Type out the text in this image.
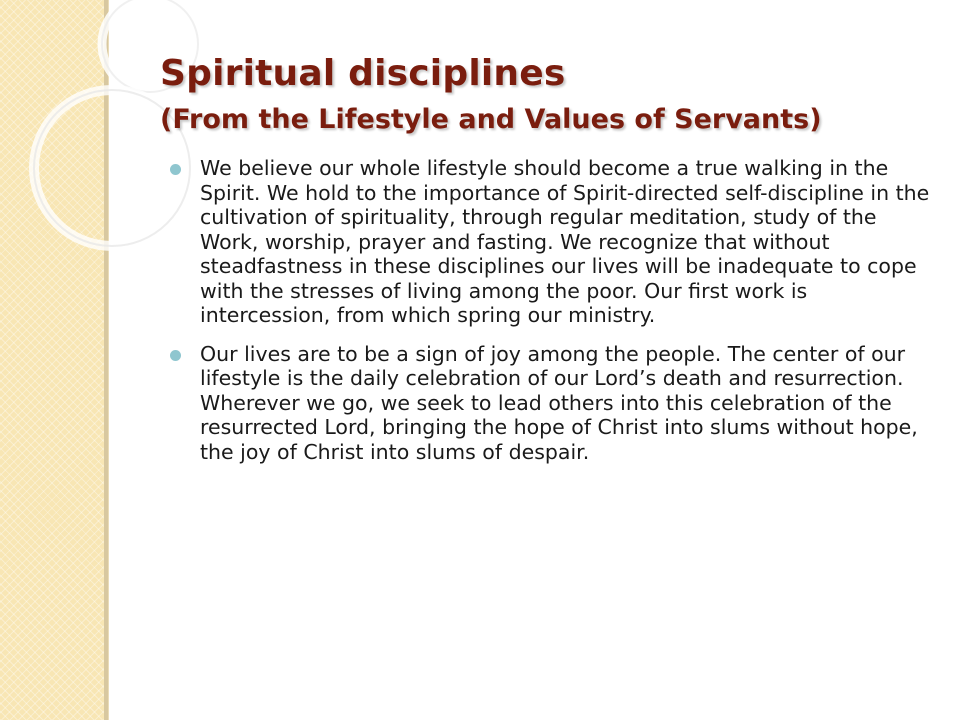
Spiritual disciplines
(From the Lifestyle and Values of Servants)
We believe our whole lifestyle should become a true walking in the Spirit. We hold to the importance of Spirit-directed self-discipline in the cultivation of spirituality, through regular meditation, study of the Work, worship, prayer and fasting. We recognize that without steadfastness in these disciplines our lives will be inadequate to cope with the stresses of living among the poor. Our first work is intercession, from which spring our ministry.
Our lives are to be a sign of joy among the people. The center of our lifestyle is the daily celebration of our Lord’s death and resurrection. Wherever we go, we seek to lead others into this celebration of the resurrected Lord, bringing the hope of Christ into slums without hope, the joy of Christ into slums of despair.
